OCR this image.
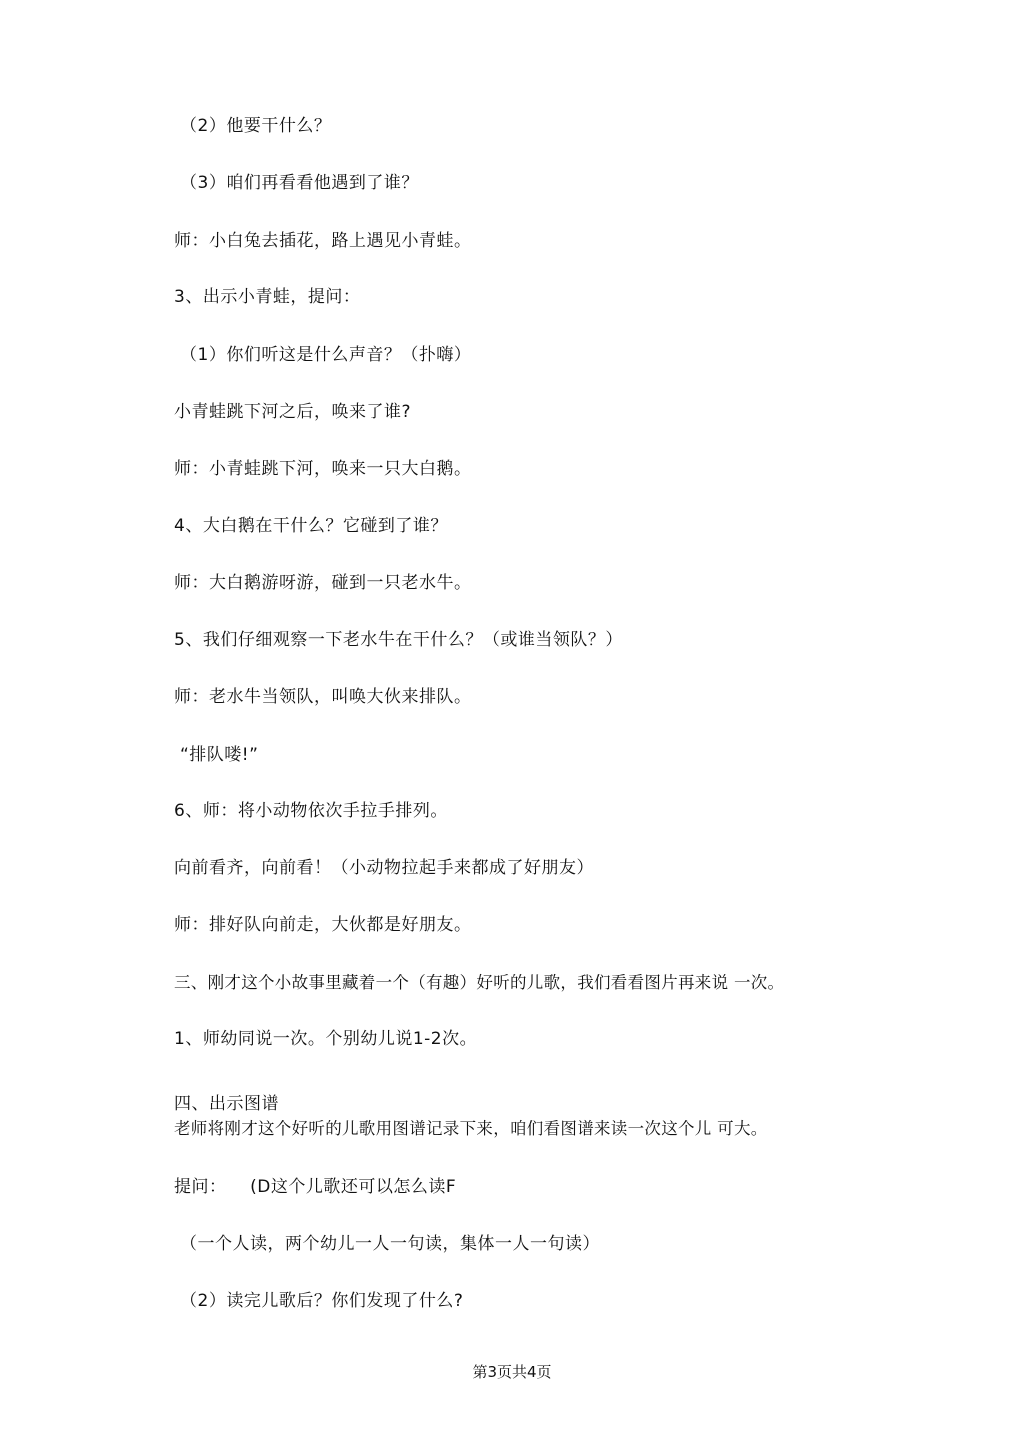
（2）他要干什么？

（3）咱们再看看他遇到了谁？

师：小白兔去插花，路上遇见小青蛙。

3、出示小青蛙，提问：

（1）你们听这是什么声音？（扑嗨）

小青蛙跳下河之后，唤来了谁?

师：小青蛙跳下河，唤来一只大白鹅。

4、大白鹅在干什么？它碰到了谁？

师：大白鹅游呀游，碰到一只老水牛。

5、我们仔细观察一下老水牛在干什么？（或谁当领队？）

师：老水牛当领队，叫唤大伙来排队。

“排队喽!”

6、师：将小动物依次手拉手排列。

向前看齐，向前看！（小动物拉起手来都成了好朋友）

师：排好队向前走，大伙都是好朋友。

三、刚才这个小故事里藏着一个（有趣）好听的儿歌，我们看看图片再来说 一次。

1、师幼同说一次。个别幼儿说1-2次。

四、出示图谱

老师将刚才这个好听的儿歌用图谱记录下来，咱们看图谱来读一次这个儿 可大。

提问：    (D这个儿歌还可以怎么读F

（一个人读，两个幼儿一人一句读，集体一人一句读）

（2）读完儿歌后？你们发现了什么?

第3页共4页
